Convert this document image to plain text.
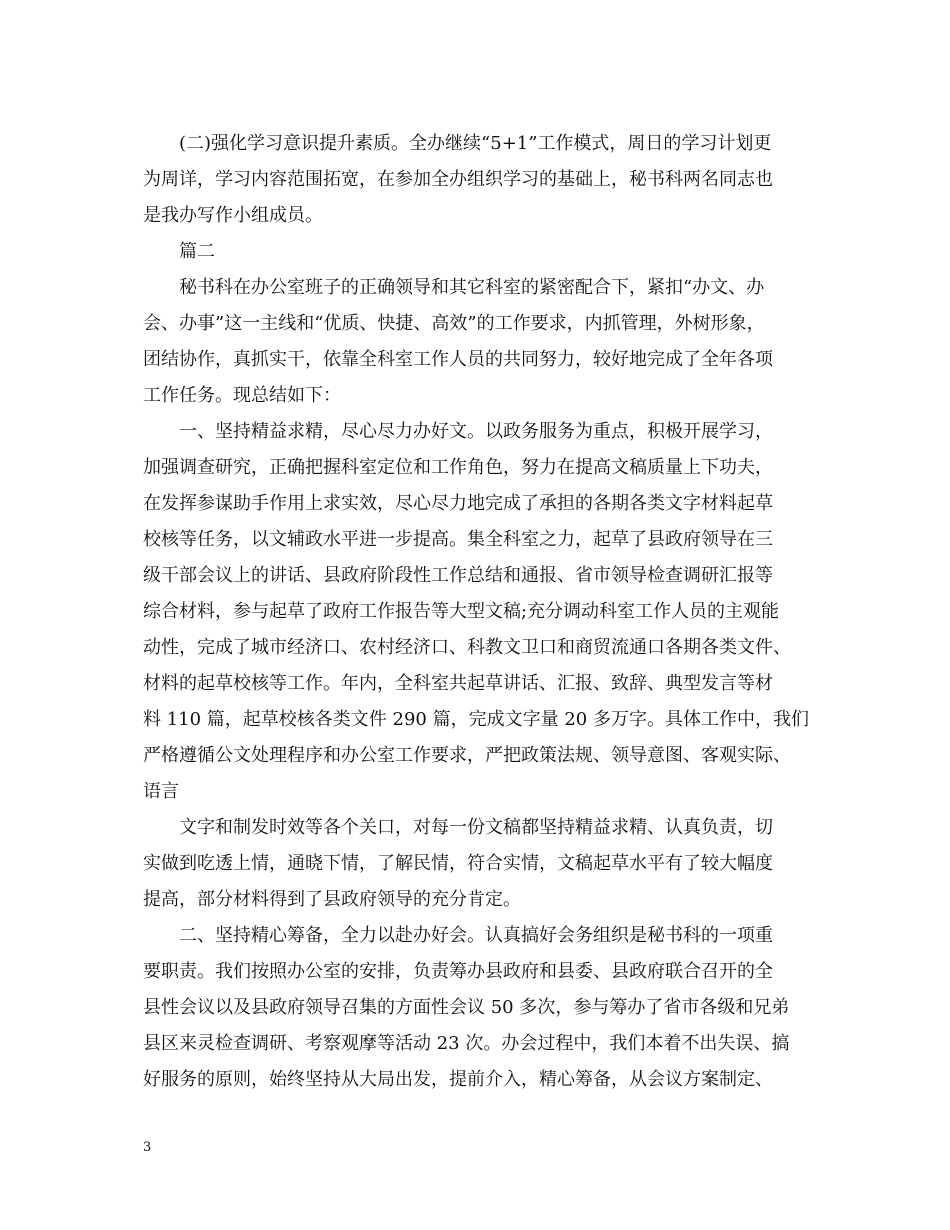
　　(二)强化学习意识提升素质。全办继续“5+1”工作模式，周日的学习计划更
为周详，学习内容范围拓宽，在参加全办组织学习的基础上，秘书科两名同志也
是我办写作小组成员。
　　篇二
　　秘书科在办公室班子的正确领导和其它科室的紧密配合下，紧扣“办文、办
会、办事”这一主线和“优质、快捷、高效”的工作要求，内抓管理，外树形象，
团结协作，真抓实干，依靠全科室工作人员的共同努力，较好地完成了全年各项
工作任务。现总结如下：
　　一、坚持精益求精，尽心尽力办好文。以政务服务为重点，积极开展学习，
加强调查研究，正确把握科室定位和工作角色，努力在提高文稿质量上下功夫，
在发挥参谋助手作用上求实效，尽心尽力地完成了承担的各期各类文字材料起草
校核等任务，以文辅政水平进一步提高。集全科室之力，起草了县政府领导在三
级干部会议上的讲话、县政府阶段性工作总结和通报、省市领导检查调研汇报等
综合材料，参与起草了政府工作报告等大型文稿;充分调动科室工作人员的主观能
动性，完成了城市经济口、农村经济口、科教文卫口和商贸流通口各期各类文件、
材料的起草校核等工作。年内，全科室共起草讲话、汇报、致辞、典型发言等材
料 110 篇，起草校核各类文件 290 篇，完成文字量 20 多万字。具体工作中，我们
严格遵循公文处理程序和办公室工作要求，严把政策法规、领导意图、客观实际、
语言
　　文字和制发时效等各个关口，对每一份文稿都坚持精益求精、认真负责，切
实做到吃透上情，通晓下情，了解民情，符合实情，文稿起草水平有了较大幅度
提高，部分材料得到了县政府领导的充分肯定。
　　二、坚持精心筹备，全力以赴办好会。认真搞好会务组织是秘书科的一项重
要职责。我们按照办公室的安排，负责筹办县政府和县委、县政府联合召开的全
县性会议以及县政府领导召集的方面性会议 50 多次，参与筹办了省市各级和兄弟
县区来灵检查调研、考察观摩等活动 23 次。办会过程中，我们本着不出失误、搞
好服务的原则，始终坚持从大局出发，提前介入，精心筹备，从会议方案制定、
3
